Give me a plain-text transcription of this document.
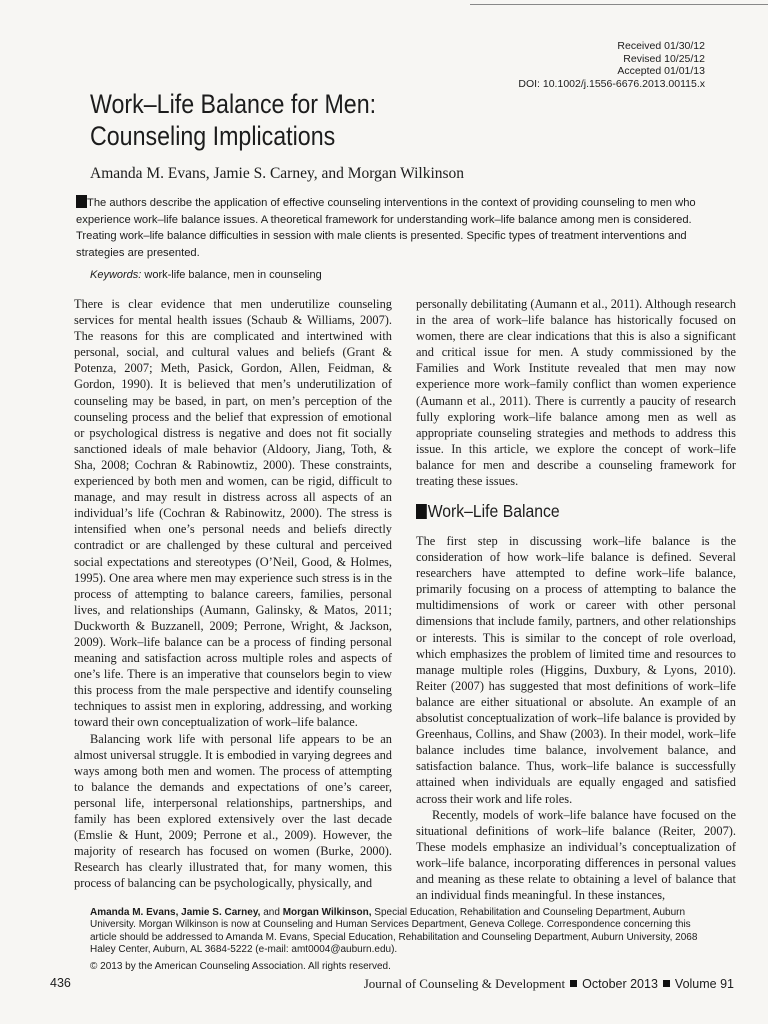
Received 01/30/12
Revised 10/25/12
Accepted 01/01/13
DOI: 10.1002/j.1556-6676.2013.00115.x
Work–Life Balance for Men:
Counseling Implications
Amanda M. Evans, Jamie S. Carney, and Morgan Wilkinson

The authors describe the application of effective counseling interventions in the context of providing counseling to men who experience work–life balance issues. A theoretical framework for understanding work–life balance among men is considered. Treating work–life balance difficulties in session with male clients is presented. Specific types of treatment interventions and strategies are presented.

Keywords: work-life balance, men in counseling

There is clear evidence that men underutilize counseling services for mental health issues (Schaub & Williams, 2007). The reasons for this are complicated and intertwined with personal, social, and cultural values and beliefs (Grant & Potenza, 2007; Meth, Pasick, Gordon, Allen, Feidman, & Gordon, 1990). It is believed that men’s underutilization of counseling may be based, in part, on men’s perception of the counseling process and the belief that expression of emotional or psychological distress is negative and does not fit socially sanctioned ideals of male behavior (Aldoory, Jiang, Toth, & Sha, 2008; Cochran & Rabinowtiz, 2000). These constraints, experienced by both men and women, can be rigid, difficult to manage, and may result in distress across all aspects of an individual’s life (Cochran & Rabinowitz, 2000). The stress is intensified when one’s personal needs and beliefs directly contradict or are challenged by these cultural and perceived social expectations and stereotypes (O’Neil, Good, & Holmes, 1995). One area where men may experience such stress is in the process of attempting to balance careers, families, personal lives, and relationships (Aumann, Galinsky, & Matos, 2011; Duckworth & Buzzanell, 2009; Perrone, Wright, & Jackson, 2009). Work–life balance can be a process of finding personal meaning and satisfaction across multiple roles and aspects of one’s life. There is an imperative that counselors begin to view this process from the male perspective and identify counseling techniques to assist men in exploring, addressing, and working toward their own conceptualization of work–life balance.

Balancing work life with personal life appears to be an almost universal struggle. It is embodied in varying degrees and ways among both men and women. The process of attempting to balance the demands and expectations of one’s career, personal life, interpersonal relationships, partnerships, and family has been explored extensively over the last decade (Emslie & Hunt, 2009; Perrone et al., 2009). However, the majority of research has focused on women (Burke, 2000). Research has clearly illustrated that, for many women, this process of balancing can be psychologically, physically, and

personally debilitating (Aumann et al., 2011). Although research in the area of work–life balance has historically focused on women, there are clear indications that this is also a significant and critical issue for men. A study commissioned by the Families and Work Institute revealed that men may now experience more work–family conflict than women experience (Aumann et al., 2011). There is currently a paucity of research fully exploring work–life balance among men as well as appropriate counseling strategies and methods to address this issue. In this article, we explore the concept of work–life balance for men and describe a counseling framework for treating these issues.

Work–Life Balance

The first step in discussing work–life balance is the consideration of how work–life balance is defined. Several researchers have attempted to define work–life balance, primarily focusing on a process of attempting to balance the multidimensions of work or career with other personal dimensions that include family, partners, and other relationships or interests. This is similar to the concept of role overload, which emphasizes the problem of limited time and resources to manage multiple roles (Higgins, Duxbury, & Lyons, 2010). Reiter (2007) has suggested that most definitions of work–life balance are either situational or absolute. An example of an absolutist conceptualization of work–life balance is provided by Greenhaus, Collins, and Shaw (2003). In their model, work–life balance includes time balance, involvement balance, and satisfaction balance. Thus, work–life balance is successfully attained when individuals are equally engaged and satisfied across their work and life roles.

Recently, models of work–life balance have focused on the situational definitions of work–life balance (Reiter, 2007). These models emphasize an individual’s conceptualization of work–life balance, incorporating differences in personal values and meaning as these relate to obtaining a level of balance that an individual finds meaningful. In these instances,

Amanda M. Evans, Jamie S. Carney, and Morgan Wilkinson, Special Education, Rehabilitation and Counseling Department, Auburn University. Morgan Wilkinson is now at Counseling and Human Services Department, Geneva College. Correspondence concerning this article should be addressed to Amanda M. Evans, Special Education, Rehabilitation and Counseling Department, Auburn University, 2068 Haley Center, Auburn, AL 3684-5222 (e-mail: amt0004@auburn.edu).
© 2013 by the American Counseling Association. All rights reserved.
436	Journal of Counseling & Development October 2013 Volume 91
